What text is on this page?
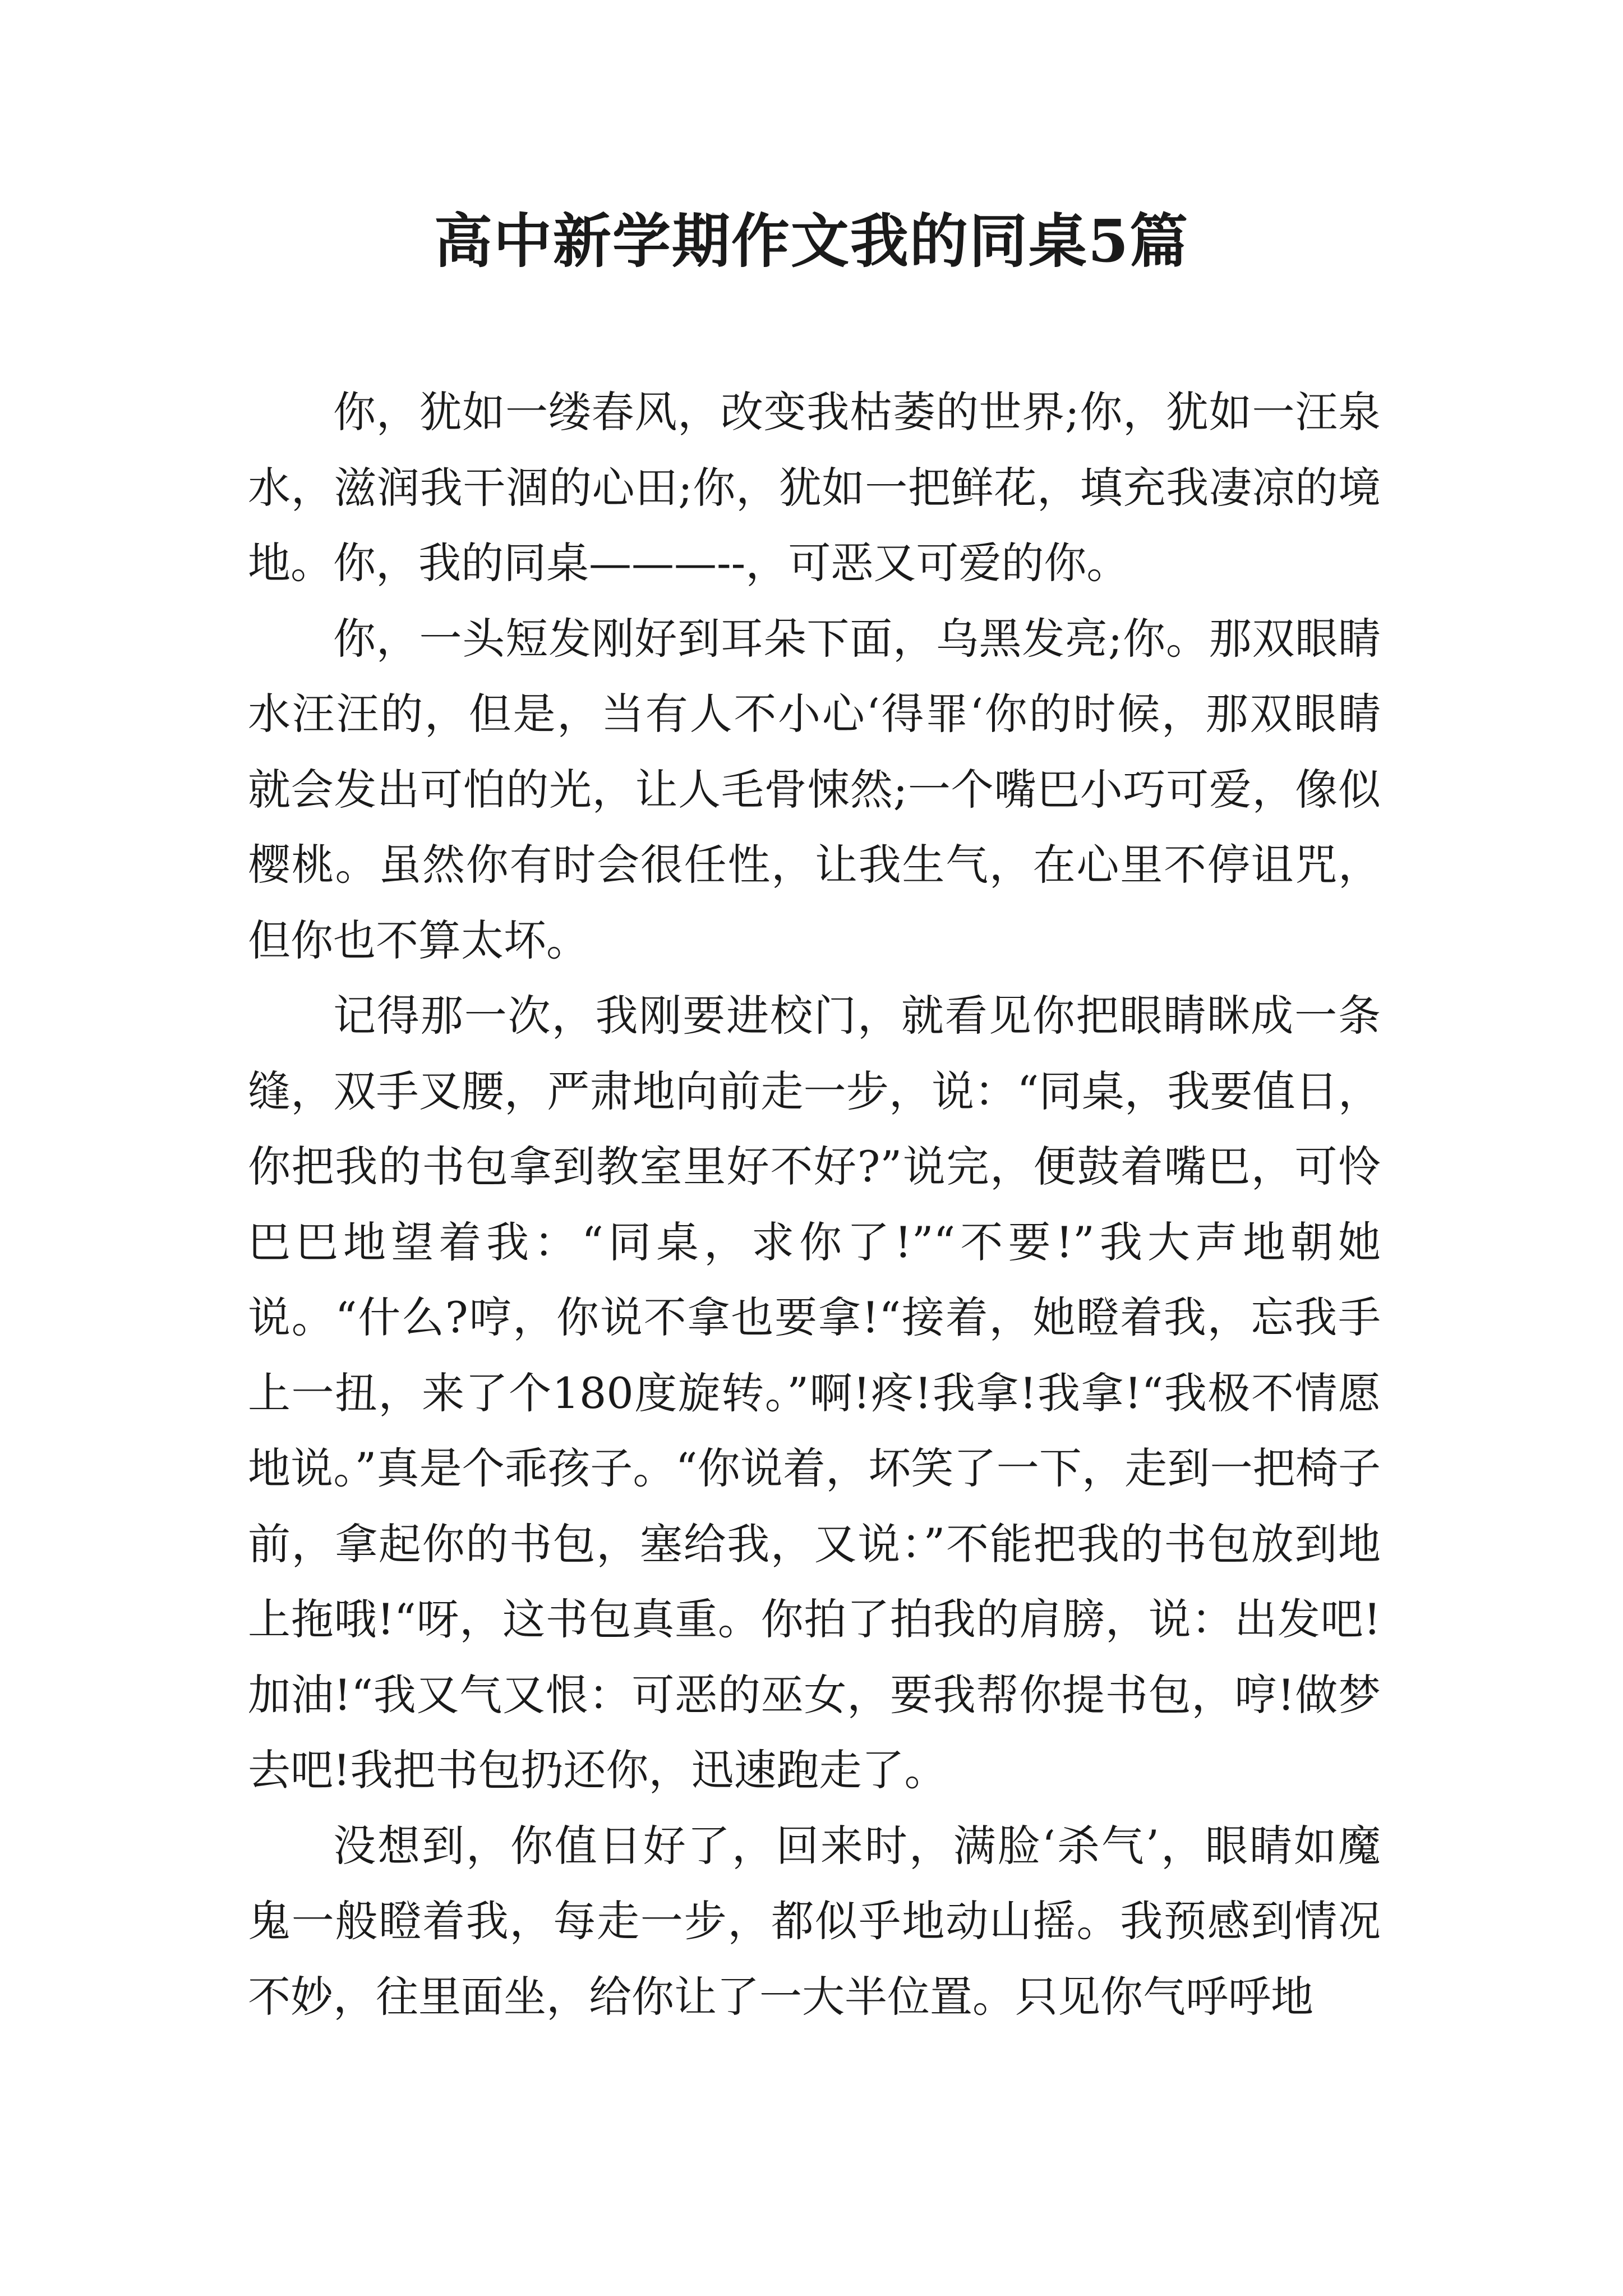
高中新学期作文我的同桌5篇

你，犹如一缕春风，改变我枯萎的世界;你，犹如一汪泉水，滋润我干涸的心田;你，犹如一把鲜花，填充我凄凉的境地。你，我的同桌———--，可恶又可爱的你。

你，一头短发刚好到耳朵下面，乌黑发亮;你。那双眼睛水汪汪的，但是，当有人不小心‘得罪‘你的时候，那双眼睛就会发出可怕的光，让人毛骨悚然;一个嘴巴小巧可爱，像似樱桃。虽然你有时会很任性，让我生气，在心里不停诅咒，但你也不算太坏。

记得那一次，我刚要进校门，就看见你把眼睛眯成一条缝，双手叉腰，严肃地向前走一步，说：“同桌，我要值日，你把我的书包拿到教室里好不好?”说完，便鼓着嘴巴，可怜巴巴地望着我：“同桌，求你了!”“不要!”我大声地朝她说。“什么?哼，你说不拿也要拿!“接着，她瞪着我，忘我手上一扭，来了个180度旋转。”啊!疼!我拿!我拿!“我极不情愿地说。”真是个乖孩子。“你说着，坏笑了一下，走到一把椅子前，拿起你的书包，塞给我，又说：”不能把我的书包放到地上拖哦!“呀，这书包真重。你拍了拍我的肩膀，说：出发吧!加油!“我又气又恨：可恶的巫女，要我帮你提书包，哼!做梦去吧!我把书包扔还你，迅速跑走了。

没想到，你值日好了，回来时，满脸‘杀气’，眼睛如魔鬼一般瞪着我，每走一步，都似乎地动山摇。我预感到情况不妙，往里面坐，给你让了一大半位置。只见你气呼呼地
